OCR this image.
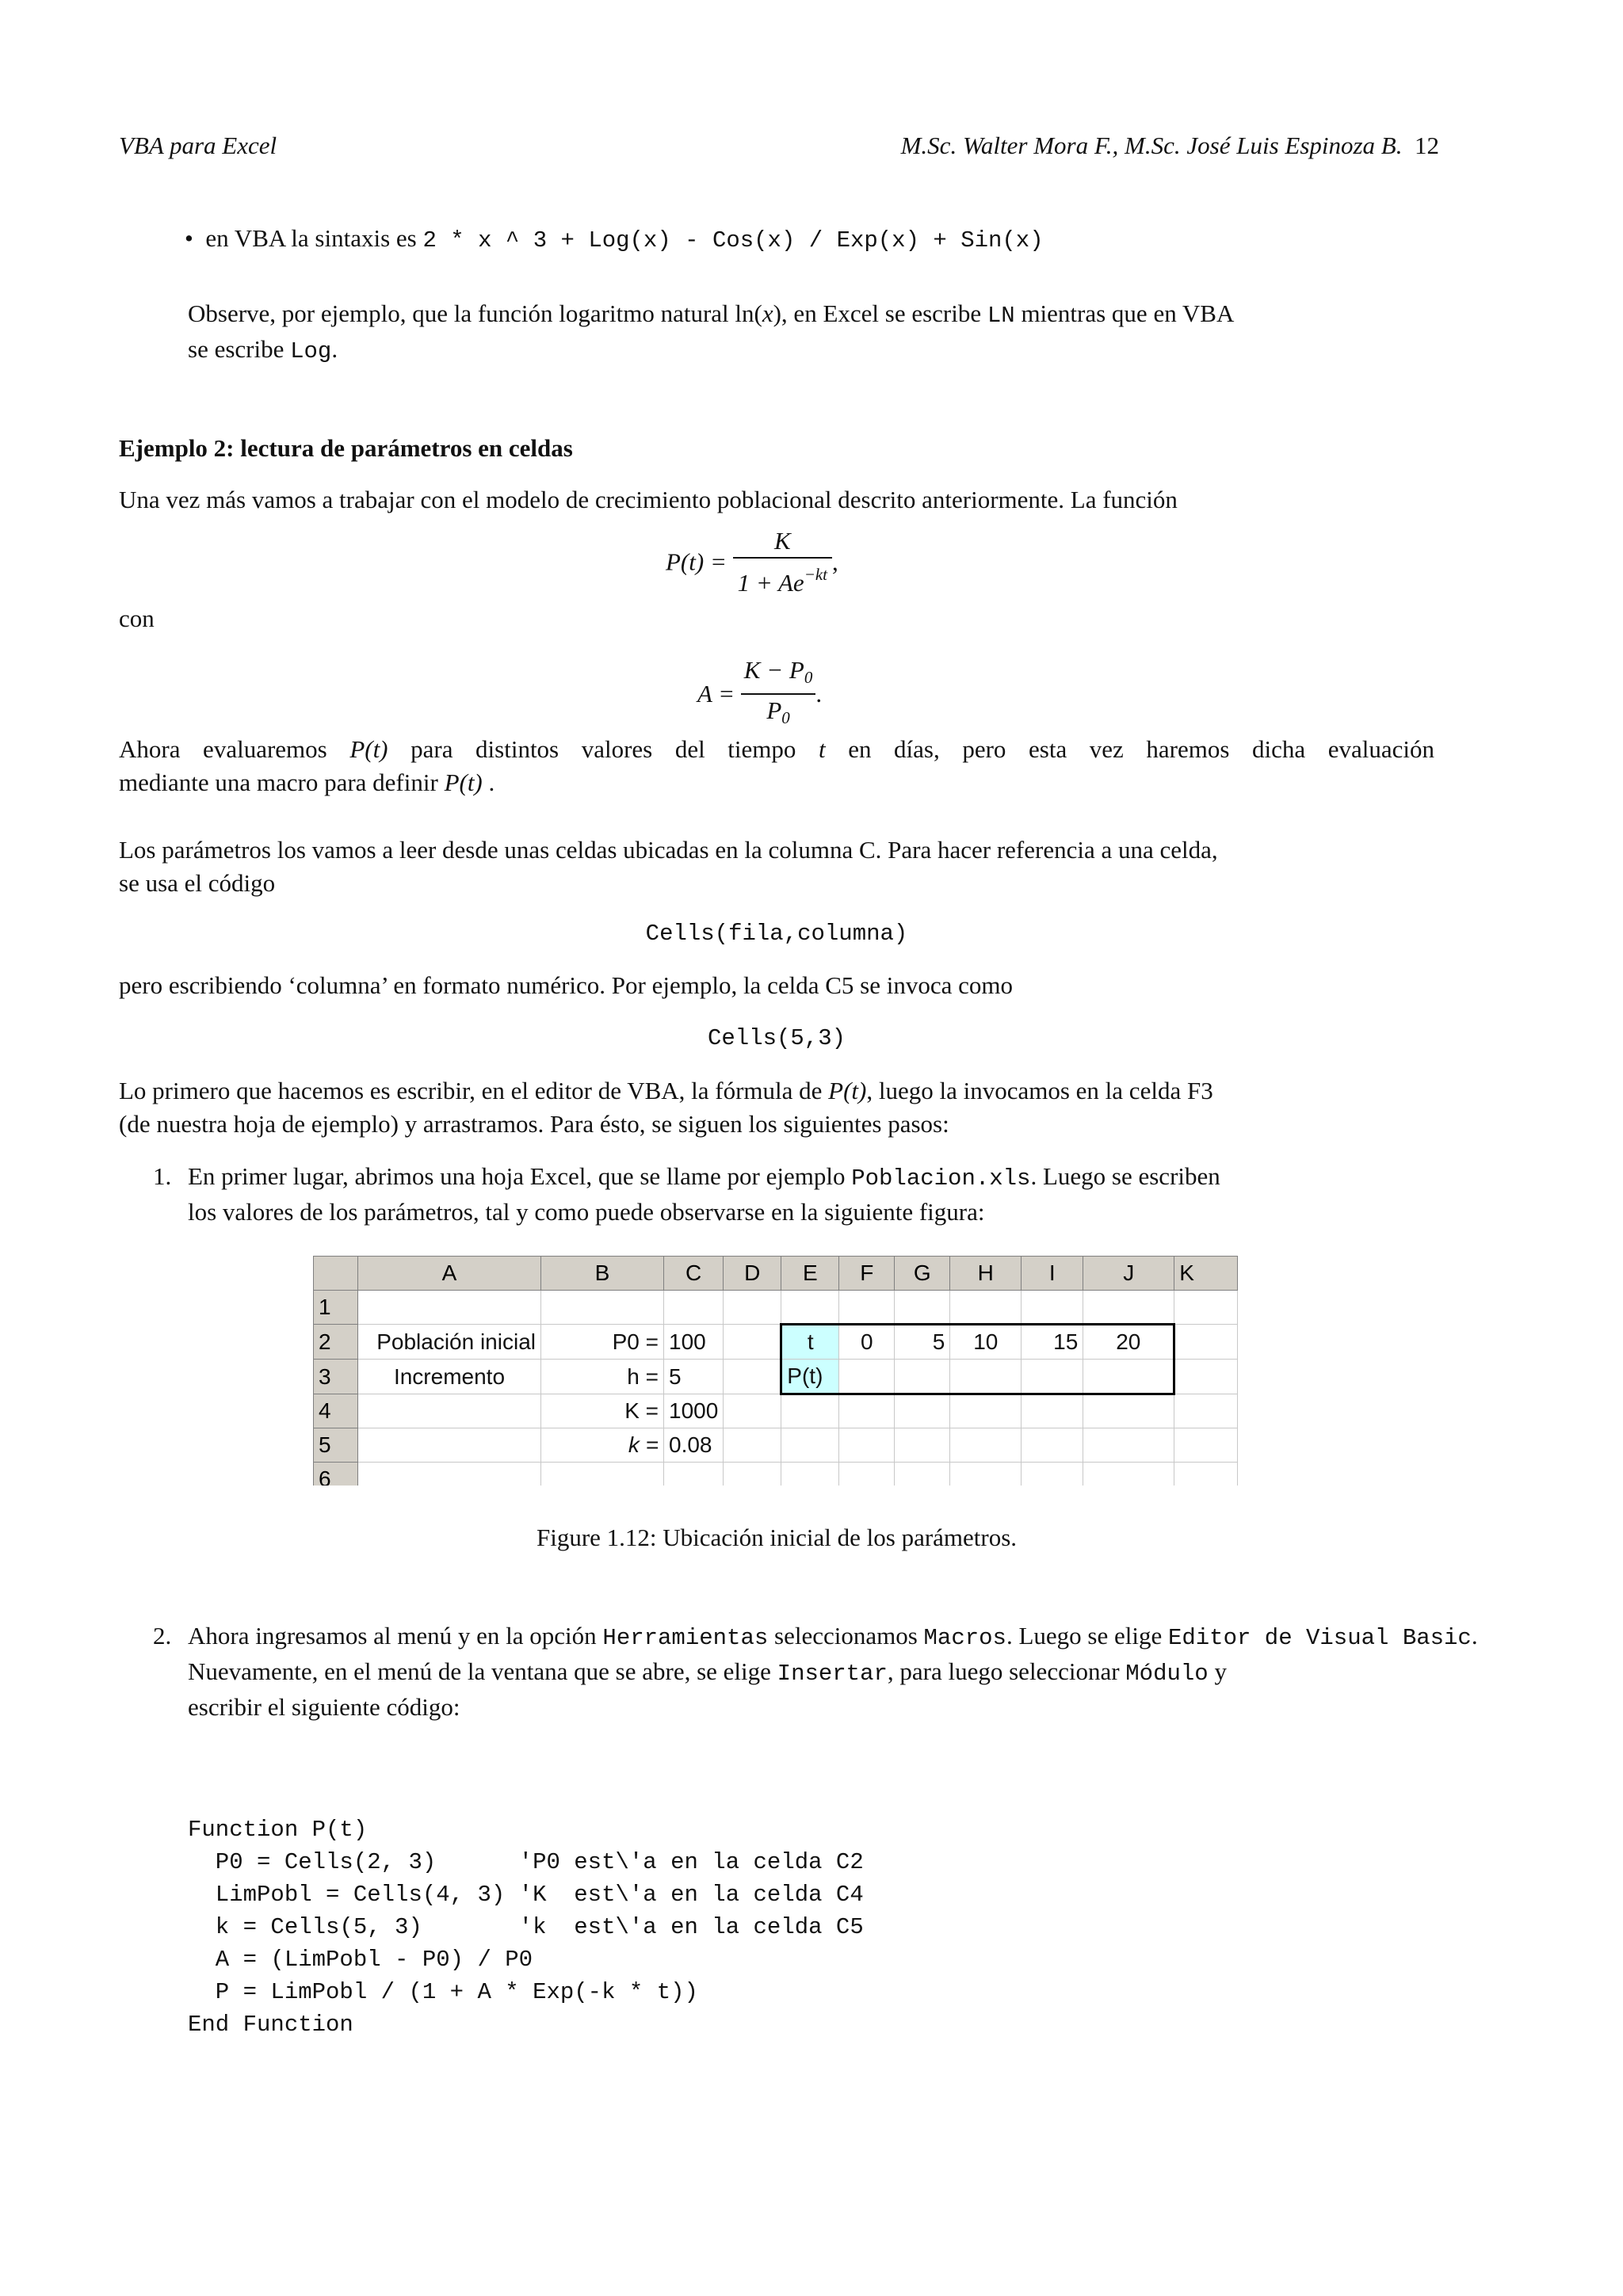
VBA para Excel	M.Sc. Walter Mora F., M.Sc. José Luis Espinoza B. 12
• en VBA la sintaxis es 2 * x ^ 3 + Log(x) - Cos(x) / Exp(x) + Sin(x)
Observe, por ejemplo, que la función logaritmo natural ln(x), en Excel se escribe LN mientras que en VBA
se escribe Log.
Ejemplo 2: lectura de parámetros en celdas
Una vez más vamos a trabajar con el modelo de crecimiento poblacional descrito anteriormente. La función
$P(t) = \frac{K}{1 + Ae^{-kt}}$ ,
con
$A = \frac{K - P_0}{P_0}$ .
Ahora evaluaremos P(t) para distintos valores del tiempo t en días, pero esta vez haremos dicha evaluación
mediante una macro para definir P(t) .
Los parámetros los vamos a leer desde unas celdas ubicadas en la columna C. Para hacer referencia a una celda,
se usa el código
Cells(fila,columna)
pero escribiendo ‘columna’ en formato numérico. Por ejemplo, la celda C5 se invoca como
Cells(5,3)
Lo primero que hacemos es escribir, en el editor de VBA, la fórmula de P(t), luego la invocamos en la celda F3
(de nuestra hoja de ejemplo) y arrastramos. Para ésto, se siguen los siguientes pasos:
1. En primer lugar, abrimos una hoja Excel, que se llame por ejemplo Poblacion.xls. Luego se escriben
los valores de los parámetros, tal y como puede observarse en la siguiente figura:
	A	B	C	D	E	F	G	H	I	J	K
1											
2	Población inicial	P0 =	100		t	0	5	10	15	20	
3	Incremento	h =	5		P(t)						
4		K =	1000								
5		k =	0.08								
6											
Figure 1.12: Ubicación inicial de los parámetros.
2. Ahora ingresamos al menú y en la opción Herramientas seleccionamos Macros. Luego se elige Editor de Visual Basic.
Nuevamente, en el menú de la ventana que se abre, se elige Insertar, para luego seleccionar Módulo y
escribir el siguiente código:

Function P(t)
P0 = Cells(2, 3)      'P0 est\'a en la celda C2
LimPobl = Cells(4, 3) 'K  est\'a en la celda C4
k = Cells(5, 3)       'k  est\'a en la celda C5
A = (LimPobl - P0) / P0
P = LimPobl / (1 + A * Exp(-k * t))
End Function
